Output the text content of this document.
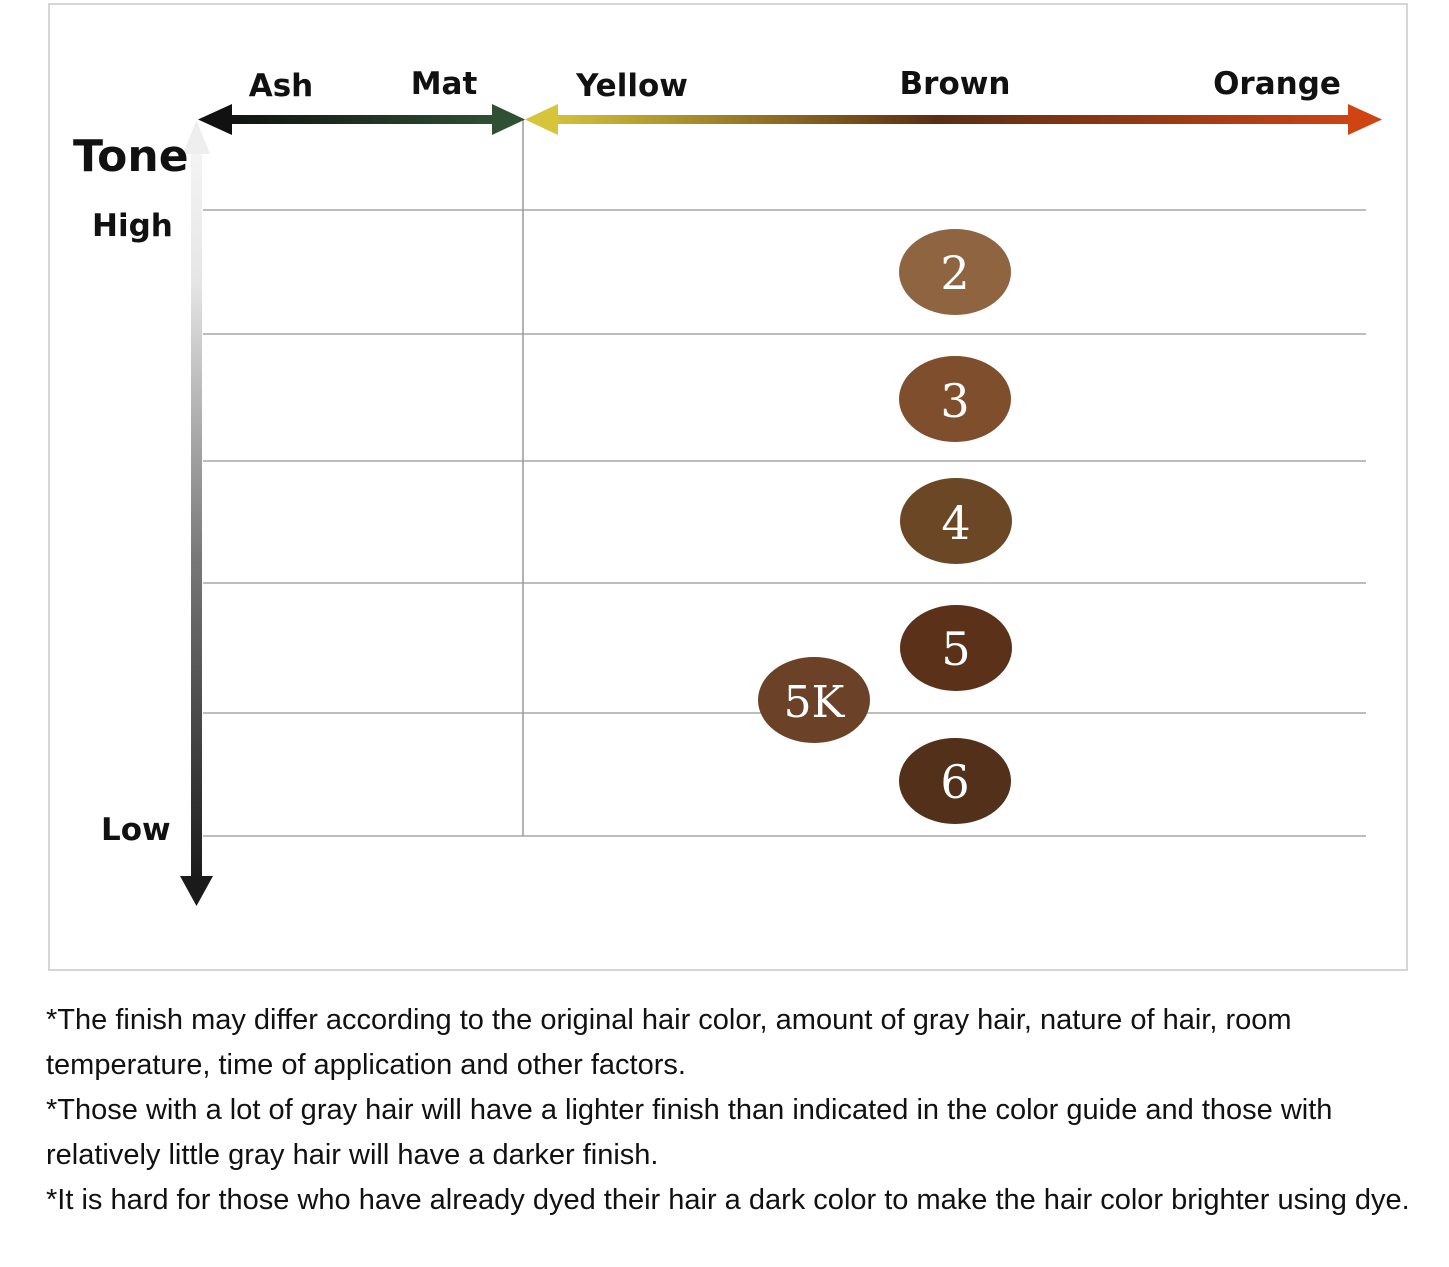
Tone
High
Low
Ash	Mat	Yellow	Brown	Orange
2
3
4
5
5K
6

*The finish may differ according to the original hair color, amount of gray hair, nature of hair, room temperature, time of application and other factors.

*Those with a lot of gray hair will have a lighter finish than indicated in the color guide and those with relatively little gray hair will have a darker finish.

*It is hard for those who have already dyed their hair a dark color to make the hair color brighter using dye.
